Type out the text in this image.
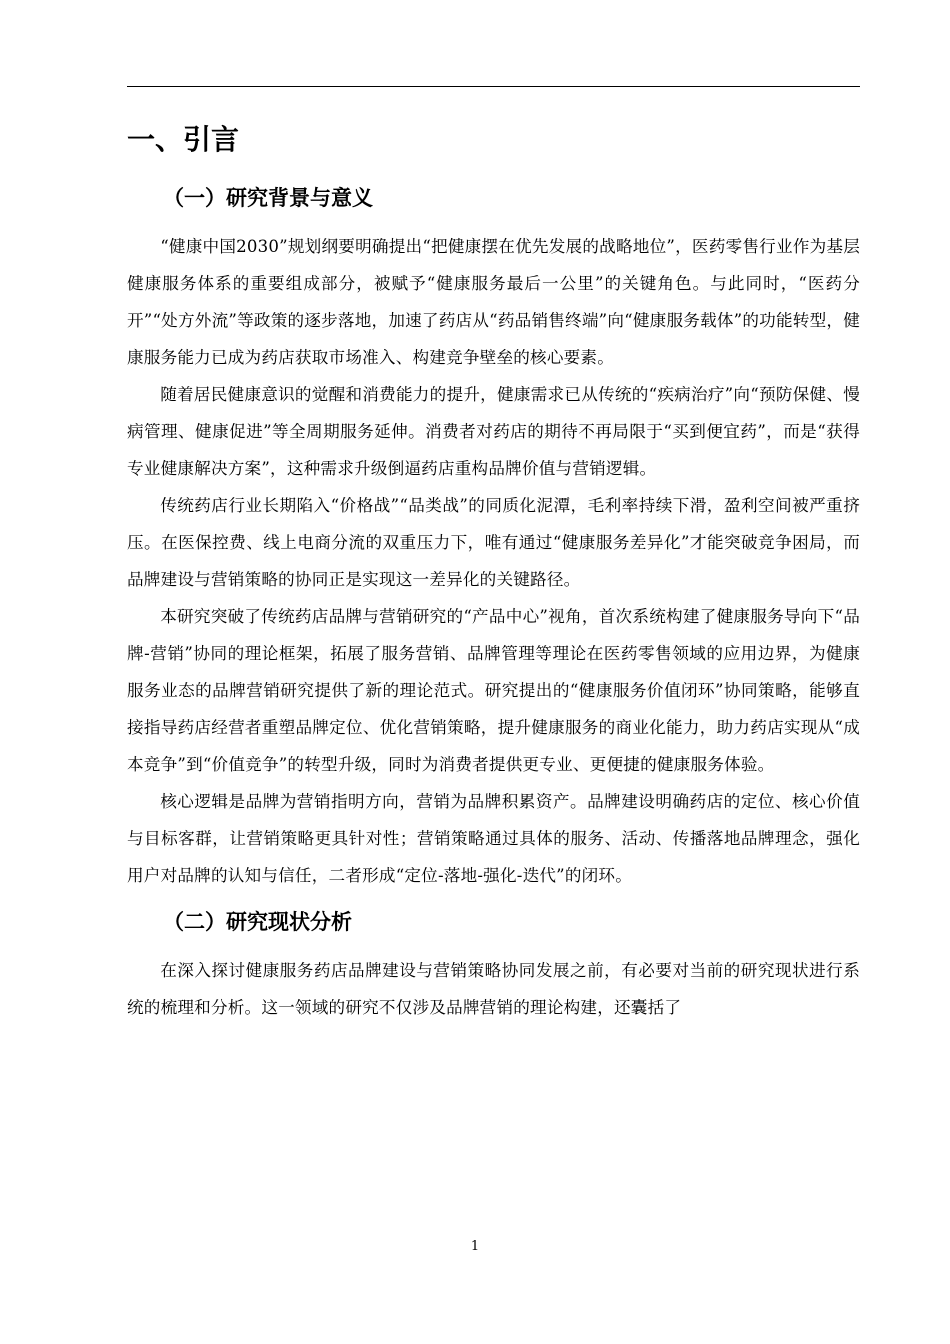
一、引言
（一）研究背景与意义

“健康中国2030”规划纲要明确提出“把健康摆在优先发展的战略地位”，医药零售行业作为基层健康服务体系的重要组成部分，被赋予“健康服务最后一公里”的关键角色。与此同时，“医药分开”“处方外流”等政策的逐步落地，加速了药店从“药品销售终端”向“健康服务载体”的功能转型，健康服务能力已成为药店获取市场准入、构建竞争壁垒的核心要素。

随着居民健康意识的觉醒和消费能力的提升，健康需求已从传统的“疾病治疗”向“预防保健、慢病管理、健康促进”等全周期服务延伸。消费者对药店的期待不再局限于“买到便宜药”，而是“获得专业健康解决方案”，这种需求升级倒逼药店重构品牌价值与营销逻辑。

传统药店行业长期陷入“价格战”“品类战”的同质化泥潭，毛利率持续下滑，盈利空间被严重挤压。在医保控费、线上电商分流的双重压力下，唯有通过“健康服务差异化”才能突破竞争困局，而品牌建设与营销策略的协同正是实现这一差异化的关键路径。

本研究突破了传统药店品牌与营销研究的“产品中心”视角，首次系统构建了健康服务导向下“品牌-营销”协同的理论框架，拓展了服务营销、品牌管理等理论在医药零售领域的应用边界，为健康服务业态的品牌营销研究提供了新的理论范式。研究提出的“健康服务价值闭环”协同策略，能够直接指导药店经营者重塑品牌定位、优化营销策略，提升健康服务的商业化能力，助力药店实现从“成本竞争”到“价值竞争”的转型升级，同时为消费者提供更专业、更便捷的健康服务体验。

核心逻辑是品牌为营销指明方向，营销为品牌积累资产。品牌建设明确药店的定位、核心价值与目标客群，让营销策略更具针对性；营销策略通过具体的服务、活动、传播落地品牌理念，强化用户对品牌的认知与信任，二者形成“定位-落地-强化-迭代”的闭环。

（二）研究现状分析

在深入探讨健康服务药店品牌建设与营销策略协同发展之前，有必要对当前的研究现状进行系统的梳理和分析。这一领域的研究不仅涉及品牌营销的理论构建，还囊括了

1
